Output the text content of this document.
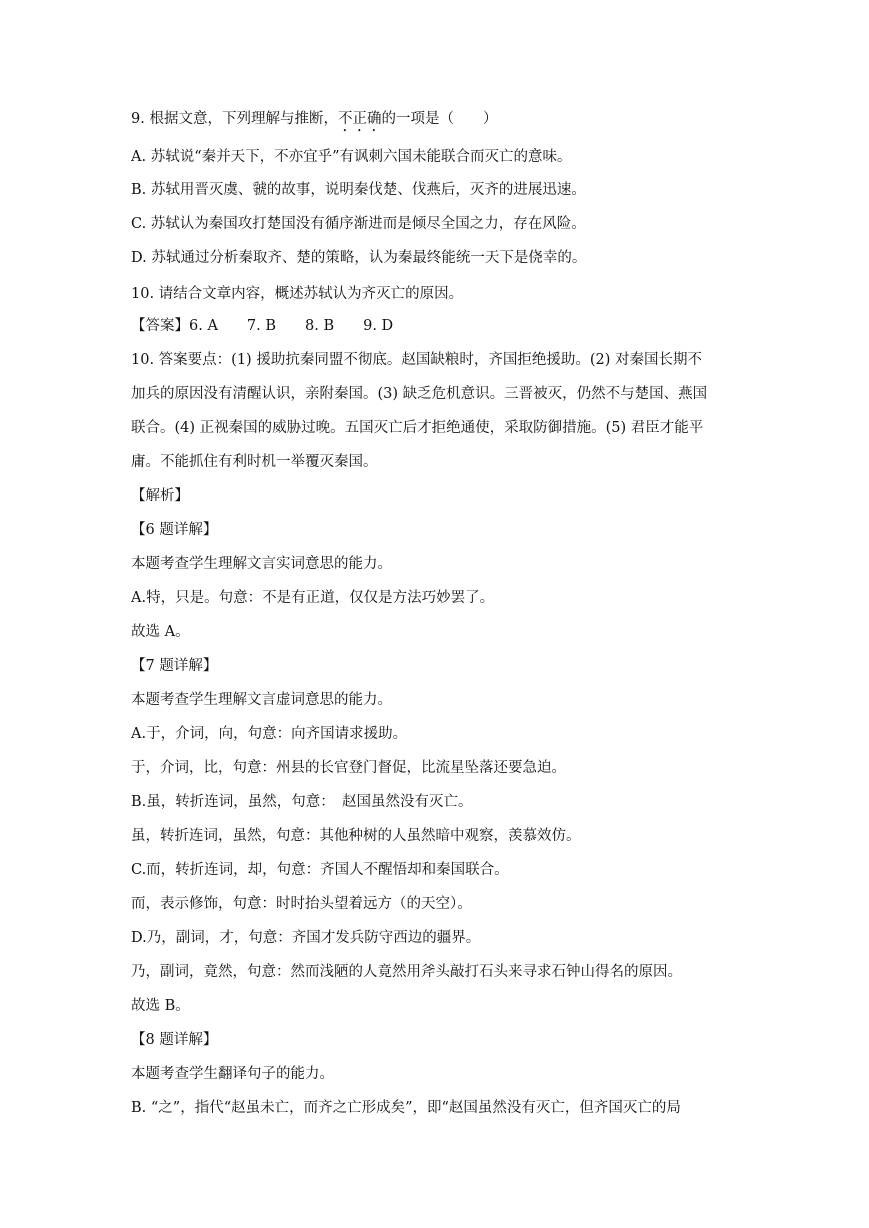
9. 根据文意，下列理解与推断，不正确的一项是（　　）
A. 苏轼说“秦并天下，不亦宜乎”有讽刺六国未能联合而灭亡的意味。
B. 苏轼用晋灭虞、虢的故事，说明秦伐楚、伐燕后，灭齐的进展迅速。
C. 苏轼认为秦国攻打楚国没有循序渐进而是倾尽全国之力，存在风险。
D. 苏轼通过分析秦取齐、楚的策略，认为秦最终能统一天下是侥幸的。
10. 请结合文章内容，概述苏轼认为齐灭亡的原因。
【答案】6. A　　7. B　　8. B　　9. D
10. 答案要点：(1) 援助抗秦同盟不彻底。赵国缺粮时，齐国拒绝援助。(2) 对秦国长期不
加兵的原因没有清醒认识，亲附秦国。(3) 缺乏危机意识。三晋被灭，仍然不与楚国、燕国
联合。(4) 正视秦国的威胁过晚。五国灭亡后才拒绝通使，采取防御措施。(5) 君臣才能平
庸。不能抓住有利时机一举覆灭秦国。
【解析】
【6 题详解】
本题考查学生理解文言实词意思的能力。
A.特，只是。句意：不是有正道，仅仅是方法巧妙罢了。
故选 A。
【7 题详解】
本题考查学生理解文言虚词意思的能力。
A.于，介词，向，句意：向齐国请求援助。
于，介词，比，句意：州县的长官登门督促，比流星坠落还要急迫。
B.虽，转折连词，虽然，句意：　赵国虽然没有灭亡。
虽，转折连词，虽然，句意：其他种树的人虽然暗中观察，羡慕效仿。
C.而，转折连词，却，句意：齐国人不醒悟却和秦国联合。
而，表示修饰，句意：时时抬头望着远方（的天空）。
D.乃，副词，才，句意：齐国才发兵防守西边的疆界。
乃，副词，竟然，句意：然而浅陋的人竟然用斧头敲打石头来寻求石钟山得名的原因。
故选 B。
【8 题详解】
本题考查学生翻译句子的能力。
B. “之”，指代“赵虽未亡，而齐之亡形成矣”，即“赵国虽然没有灭亡，但齐国灭亡的局
